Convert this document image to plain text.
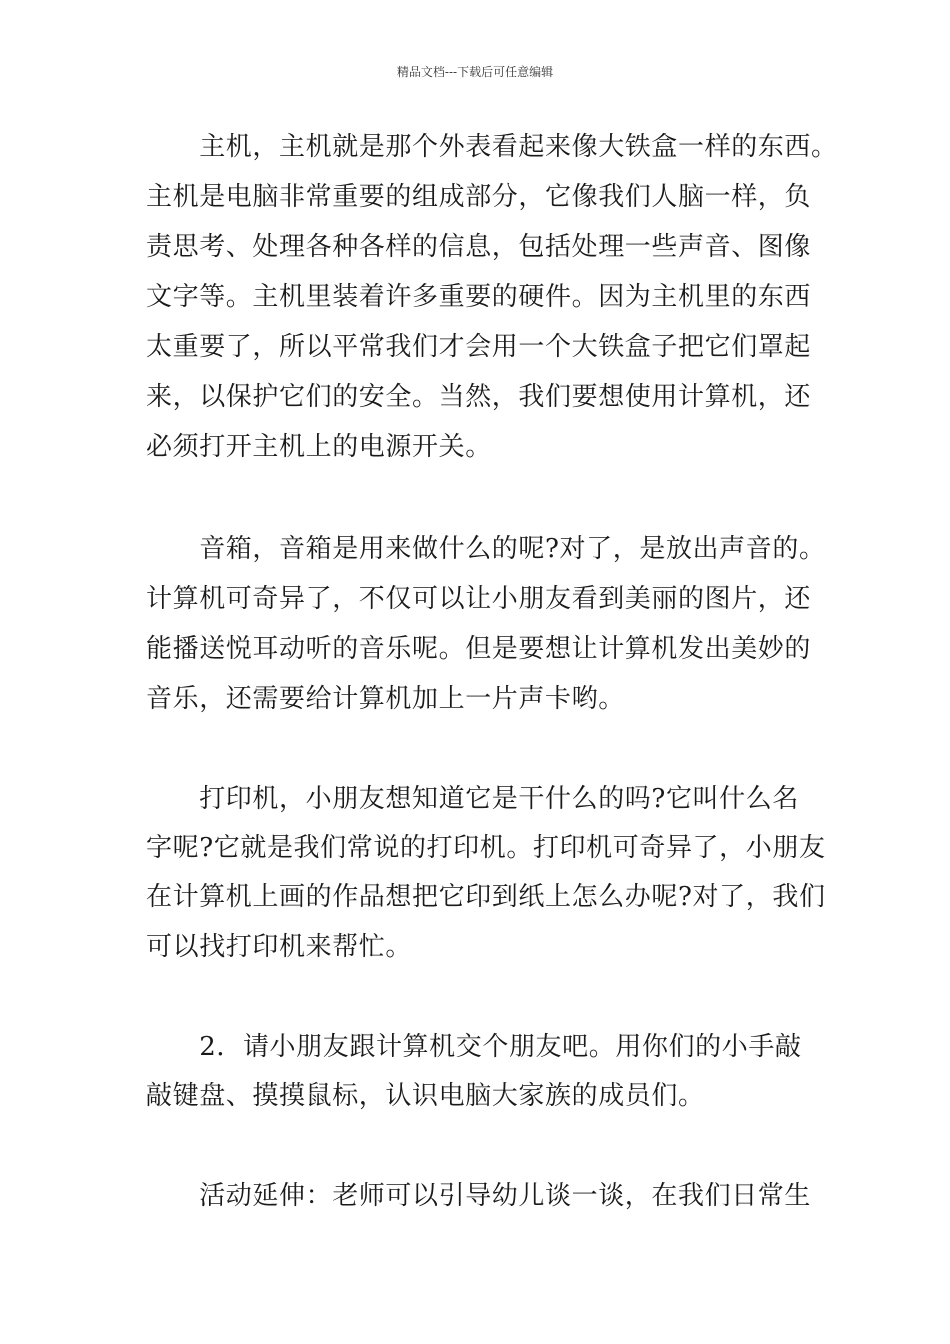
精品文档---下载后可任意编辑
　　主机，主机就是那个外表看起来像大铁盒一样的东西。
主机是电脑非常重要的组成部分，它像我们人脑一样，负
责思考、处理各种各样的信息，包括处理一些声音、图像
文字等。主机里装着许多重要的硬件。因为主机里的东西
太重要了，所以平常我们才会用一个大铁盒子把它们罩起
来，以保护它们的安全。当然，我们要想使用计算机，还
必须打开主机上的电源开关。
　　音箱，音箱是用来做什么的呢?对了，是放出声音的。
计算机可奇异了，不仅可以让小朋友看到美丽的图片，还
能播送悦耳动听的音乐呢。但是要想让计算机发出美妙的
音乐，还需要给计算机加上一片声卡哟。
　　打印机，小朋友想知道它是干什么的吗?它叫什么名
字呢?它就是我们常说的打印机。打印机可奇异了，小朋友
在计算机上画的作品想把它印到纸上怎么办呢?对了，我们
可以找打印机来帮忙。
　　2．请小朋友跟计算机交个朋友吧。用你们的小手敲
敲键盘、摸摸鼠标，认识电脑大家族的成员们。
　　活动延伸：老师可以引导幼儿谈一谈，在我们日常生
